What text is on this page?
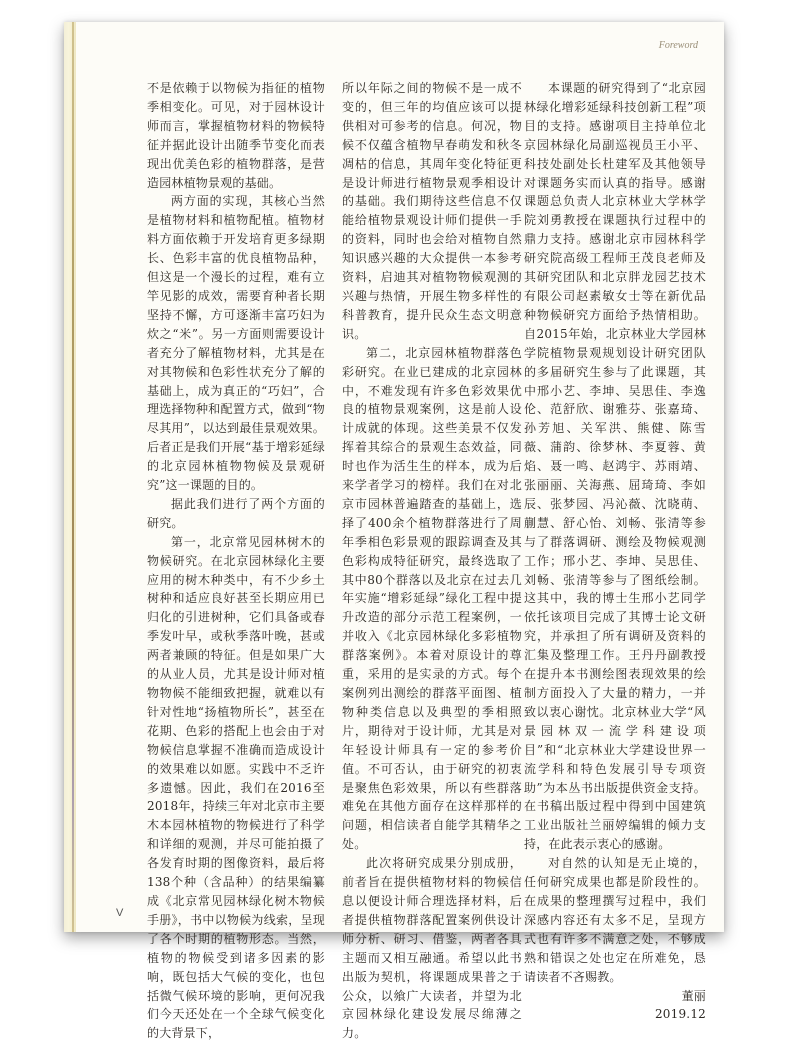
Foreword

不是依赖于以物候为指征的植物季相变化。可见，对于园林设计师而言，掌握植物材料的物候特征并据此设计出随季节变化而表现出优美色彩的植物群落，是营造园林植物景观的基础。

两方面的实现，其核心当然是植物材料和植物配植。植物材料方面依赖于开发培育更多绿期长、色彩丰富的优良植物品种，但这是一个漫长的过程，难有立竿见影的成效，需要育种者长期坚持不懈，方可逐渐丰富巧妇为炊之“米”。另一方面则需要设计者充分了解植物材料，尤其是在对其物候和色彩性状充分了解的基础上，成为真正的“巧妇”，合理选择物种和配置方式，做到“物尽其用”，以达到最佳景观效果。后者正是我们开展“基于增彩延绿的北京园林植物物候及景观研究”这一课题的目的。

据此我们进行了两个方面的研究。

第一，北京常见园林树木的物候研究。在北京园林绿化主要应用的树木种类中，有不少乡土树种和适应良好甚至长期应用已归化的引进树种，它们具备或春季发叶早，或秋季落叶晚，甚或两者兼顾的特征。但是如果广大的从业人员，尤其是设计师对植物物候不能细致把握，就难以有针对性地“扬植物所长”，甚至在花期、色彩的搭配上也会由于对物候信息掌握不准确而造成设计的效果难以如愿。实践中不乏许多遗憾。因此，我们在2016至2018年，持续三年对北京市主要木本园林植物的物候进行了科学和详细的观测，并尽可能拍摄了各发育时期的图像资料，最后将138个种（含品种）的结果编纂成《北京常见园林绿化树木物候手册》，书中以物候为线索，呈现了各个时期的植物形态。当然，植物的物候受到诸多因素的影响，既包括大气候的变化，也包括微气候环境的影响，更何况我们今天还处在一个全球气候变化的大背景下，

所以年际之间的物候不是一成不变的，但三年的均值应该可以提供相对可参考的信息。何况，物候不仅蕴含植物早春萌发和秋冬凋枯的信息，其周年变化特征更是设计师进行植物景观季相设计的基础。我们期待这些信息不仅能给植物景观设计师们提供一手的资料，同时也会给对植物自然知识感兴趣的大众提供一本参考资料，启迪其对植物物候观测的兴趣与热情，开展生物多样性的科普教育，提升民众生态文明意识。

第二，北京园林植物群落色彩研究。在业已建成的北京园林中，不难发现有许多色彩效果优良的植物景观案例，这是前人设计成就的体现。这些美景不仅发挥着其综合的景观生态效益，同时也作为活生生的样本，成为后来学者学习的榜样。我们在对北京市园林普遍踏查的基础上，选择了400余个植物群落进行了周年季相色彩景观的跟踪调查及其色彩构成特征研究，最终选取了其中80个群落以及北京在过去几年实施“增彩延绿”绿化工程中提升改造的部分示范工程案例，一并收入《北京园林绿化多彩植物群落案例》。本着对原设计的尊重，采用的是实录的方式。每个案例列出测绘的群落平面图、植物种类信息以及典型的季相照片，期待对于设计师，尤其是对年轻设计师具有一定的参考价值。不可否认，由于研究的初衷是聚焦色彩效果，所以有些群落难免在其他方面存在这样那样的问题，相信读者自能学其精华之处。

此次将研究成果分别成册，前者旨在提供植物材料的物候信息以便设计师合理选择材料，后者提供植物群落配置案例供设计师分析、研习、借鉴，两者各具主题而又相互融通。希望以此书出版为契机，将课题成果普之于公众，以飨广大读者，并望为北京园林绿化建设发展尽绵薄之力。

本课题的研究得到了“北京园林绿化增彩延绿科技创新工程”项目的支持。感谢项目主持单位北京园林绿化局副巡视员王小平、科技处副处长杜建军及其他领导对课题务实而认真的指导。感谢课题总负责人北京林业大学林学院刘勇教授在课题执行过程中的鼎力支持。感谢北京市园林科学研究院高级工程师王茂良老师及其研究团队和北京胖龙园艺技术有限公司赵素敏女士等在新优品种物候研究方面给予热情相助。自2015年始，北京林业大学园林学院植物景观规划设计研究团队的多届研究生参与了此课题，其中邢小艺、李坤、吴思佳、李逸伦、范舒欣、谢雅芬、张嘉琦、孙芳旭、关军洪、熊健、陈雪薇、蒲韵、徐梦林、李夏蓉、黄焰、聂一鸣、赵鸿宇、苏雨靖、张丽丽、关海燕、屈琦琦、李如辰、张梦园、冯沁薇、沈晓萌、蒯慧、舒心怡、刘畅、张清等参与了群落调研、测绘及物候观测工作；邢小艺、李坤、吴思佳、刘畅、张清等参与了图纸绘制。这其中，我的博士生邢小艺同学依托该项目完成了其博士论文研究，并承担了所有调研及资料的汇集及整理工作。王丹丹副教授在提升本书测绘图表现效果的绘制方面投入了大量的精力，一并致以衷心谢忱。北京林业大学“风景园林双一流学科建设项目”和“北京林业大学建设世界一流学科和特色发展引导专项资助”为本丛书出版提供资金支持。在书稿出版过程中得到中国建筑工业出版社兰丽婷编辑的倾力支持，在此表示衷心的感谢。

对自然的认知是无止境的，任何研究成果也都是阶段性的。在成果的整理撰写过程中，我们深感内容还有太多不足，呈现方式也有许多不满意之处，不够成熟和错误之处也定在所难免，恳请读者不吝赐教。

董丽

2019.12

V
